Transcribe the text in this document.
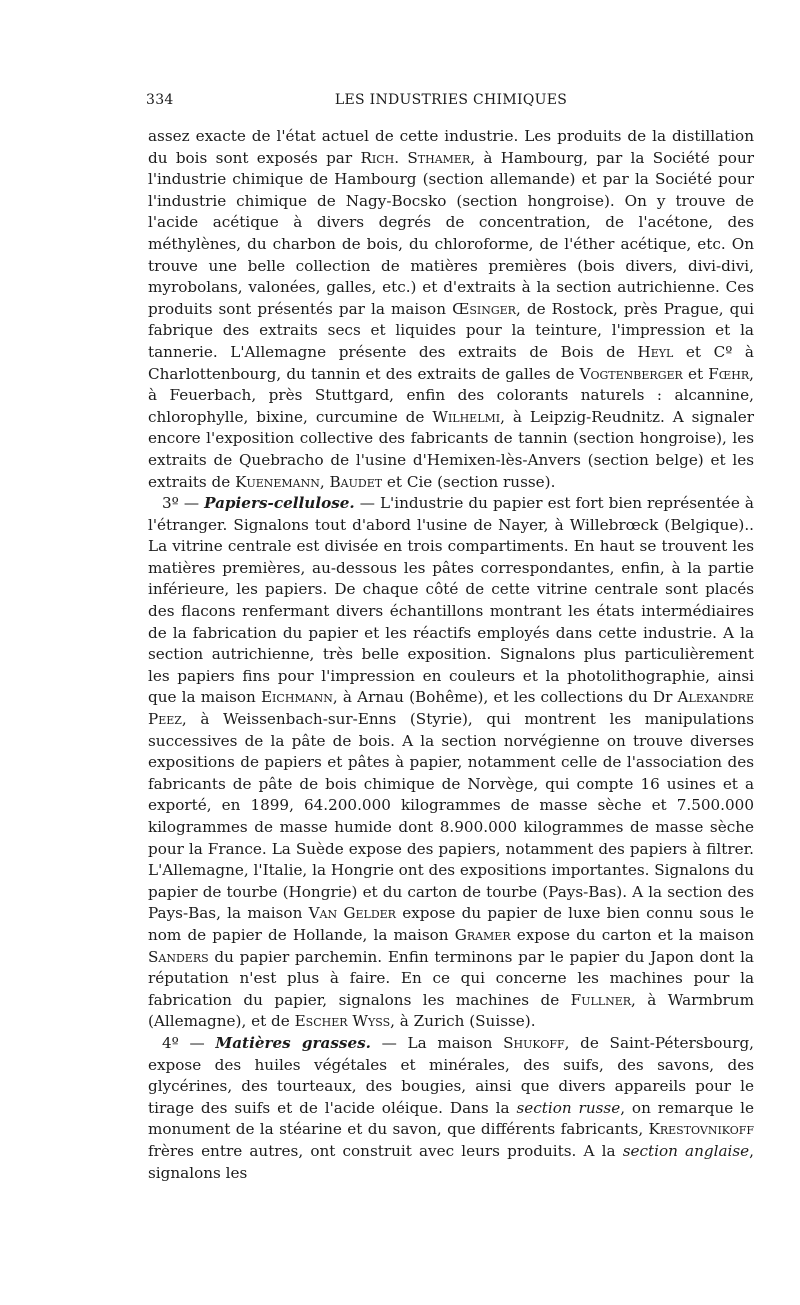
334	LES INDUSTRIES CHIMIQUES

assez exacte de l'état actuel de cette industrie. Les produits de la distillation du bois sont exposés par Rich. Sthamer, à Hambourg, par la Société pour l'industrie chimique de Hambourg (section allemande) et par la Société pour l'industrie chimique de Nagy-Bocsko (section hongroise). On y trouve de l'acide acétique à divers degrés de concentration, de l'acétone, des méthylènes, du charbon de bois, du chloroforme, de l'éther acétique, etc. On trouve une belle collection de matières premières (bois divers, divi-divi, myrobolans, valonées, galles, etc.) et d'extraits à la section autrichienne. Ces produits sont présentés par la maison Œsinger, de Rostock, près Prague, qui fabrique des extraits secs et liquides pour la teinture, l'impression et la tannerie. L'Allemagne présente des extraits de Bois de Heyl et Cº à Charlottenbourg, du tannin et des extraits de galles de Vogtenberger et Fœhr, à Feuerbach, près Stuttgard, enfin des colorants naturels : alcannine, chlorophylle, bixine, curcumine de Wilhelmi, à Leipzig-Reudnitz. A signaler encore l'exposition collective des fabricants de tannin (section hongroise), les extraits de Quebracho de l'usine d'Hemixen-lès-Anvers (section belge) et les extraits de Kuenemann, Baudet et Cie (section russe).

3º — Papiers-cellulose. — L'industrie du papier est fort bien représentée à l'étranger. Signalons tout d'abord l'usine de Nayer, à Willebrœck (Belgique).. La vitrine centrale est divisée en trois compartiments. En haut se trouvent les matières premières, au-dessous les pâtes correspondantes, enfin, à la partie inférieure, les papiers. De chaque côté de cette vitrine centrale sont placés des flacons renfermant divers échantillons montrant les états intermédiaires de la fabrication du papier et les réactifs employés dans cette industrie. A la section autrichienne, très belle exposition. Signalons plus particulièrement les papiers fins pour l'impression en couleurs et la photolithographie, ainsi que la maison Eichmann, à Arnau (Bohême), et les collections du Dr Alexandre Peez, à Weissenbach-sur-Enns (Styrie), qui montrent les manipulations successives de la pâte de bois. A la section norvégienne on trouve diverses expositions de papiers et pâtes à papier, notamment celle de l'association des fabricants de pâte de bois chimique de Norvège, qui compte 16 usines et a exporté, en 1899, 64.200.000 kilogrammes de masse sèche et 7.500.000 kilogrammes de masse humide dont 8.900.000 kilogrammes de masse sèche pour la France. La Suède expose des papiers, notamment des papiers à filtrer. L'Allemagne, l'Italie, la Hongrie ont des expositions importantes. Signalons du papier de tourbe (Hongrie) et du carton de tourbe (Pays-Bas). A la section des Pays-Bas, la maison Van Gelder expose du papier de luxe bien connu sous le nom de papier de Hollande, la maison Gramer expose du carton et la maison Sanders du papier parchemin. Enfin terminons par le papier du Japon dont la réputation n'est plus à faire. En ce qui concerne les machines pour la fabrication du papier, signalons les machines de Fullner, à Warmbrum (Allemagne), et de Escher Wyss, à Zurich (Suisse).

4º — Matières grasses. — La maison Shukoff, de Saint-Pétersbourg, expose des huiles végétales et minérales, des suifs, des savons, des glycérines, des tourteaux, des bougies, ainsi que divers appareils pour le tirage des suifs et de l'acide oléique. Dans la section russe, on remarque le monument de la stéarine et du savon, que différents fabricants, Krestovnikoff frères entre autres, ont construit avec leurs produits. A la section anglaise, signalons les
